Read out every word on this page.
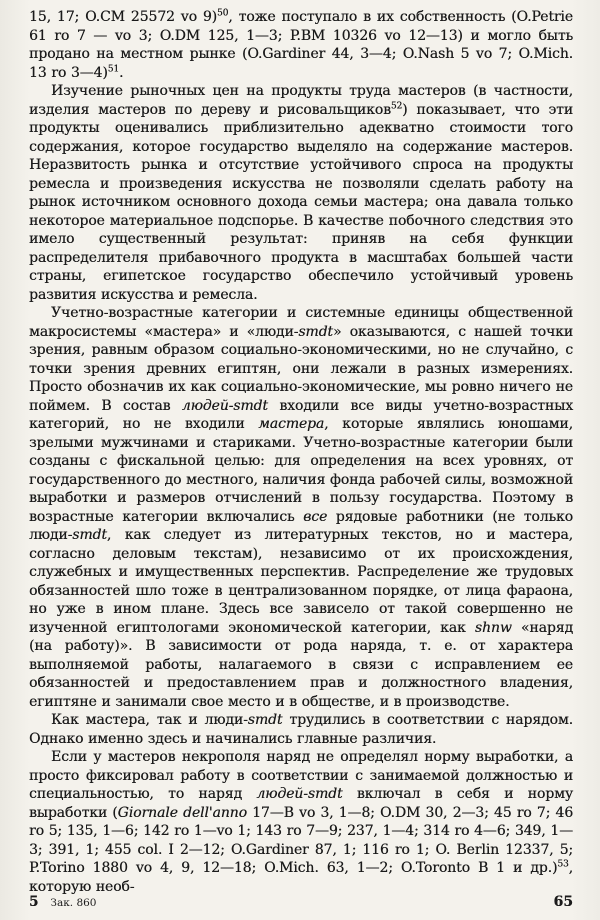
15, 17; O.CM 25572 vo 9)$^{50}$, тоже поступало в их собственность (O.Petrie 61 ro 7 — vo 3; O.DM 125, 1—3; P.BM 10326 vo 12—13) и могло быть продано на местном рынке (O.Gardiner 44, 3—4; O.Nash 5 vo 7; O.Mich. 13 ro 3—4)$^{51}$.

Изучение рыночных цен на продукты труда мастеров (в частности, изделия мастеров по дереву и рисовальщиков$^{52}$) показывает, что эти продукты оценивались приблизительно адекватно стоимости того содержания, которое государство выделяло на содержание мастеров. Неразвитость рынка и отсутствие устойчивого спроса на продукты ремесла и произведения искусства не позволяли сделать работу на рынок источником основного дохода семьи мастера; она давала только некоторое материальное подспорье. В качестве побочного следствия это имело существенный результат: приняв на себя функции распределителя прибавочного продукта в масштабах большей части страны, египетское государство обеспечило устойчивый уровень развития искусства и ремесла.

Учетно-возрастные категории и системные единицы общественной макросистемы «мастера» и «люди-smdt» оказываются, с нашей точки зрения, равным образом социально-экономическими, но не случайно, с точки зрения древних египтян, они лежали в разных измерениях. Просто обозначив их как социально-экономические, мы ровно ничего не поймем. В состав людей-smdt входили все виды учетно-возрастных категорий, но не входили мастера, которые являлись юношами, зрелыми мужчинами и стариками. Учетно-возрастные категории были созданы с фискальной целью: для определения на всех уровнях, от государственного до местного, наличия фонда рабочей силы, возможной выработки и размеров отчислений в пользу государства. Поэтому в возрастные категории включались все рядовые работники (не только люди-smdt, как следует из литературных текстов, но и мастера, согласно деловым текстам), независимо от их происхождения, служебных и имущественных перспектив. Распределение же трудовых обязанностей шло тоже в централизованном порядке, от лица фараона, но уже в ином плане. Здесь все зависело от такой совершенно не изученной египтологами экономической категории, как shnw «наряд (на работу)». В зависимости от рода наряда, т. е. от характера выполняемой работы, налагаемого в связи с исправлением ее обязанностей и предоставлением прав и должностного владения, египтяне и занимали свое место и в обществе, и в производстве.

Как мастера, так и люди-smdt трудились в соответствии с нарядом. Однако именно здесь и начинались главные различия.

Если у мастеров некрополя наряд не определял норму выработки, а просто фиксировал работу в соответствии с занимаемой должностью и специальностью, то наряд людей-smdt включал в себя и норму выработки (Giornale dell'anno 17—B vo 3, 1—8; O.DM 30, 2—3; 45 ro 7; 46 ro 5; 135, 1—6; 142 ro 1—vo 1; 143 ro 7—9; 237, 1—4; 314 ro 4—6; 349, 1—3; 391, 1; 455 col. I 2—12; O.Gardiner 87, 1; 116 ro 1; O. Berlin 12337, 5; P.Torino 1880 vo 4, 9, 12—18; O.Mich. 63, 1—2; O.Toronto B 1 и др.)$^{53}$, которую необ-

5 Зак. 860	65
